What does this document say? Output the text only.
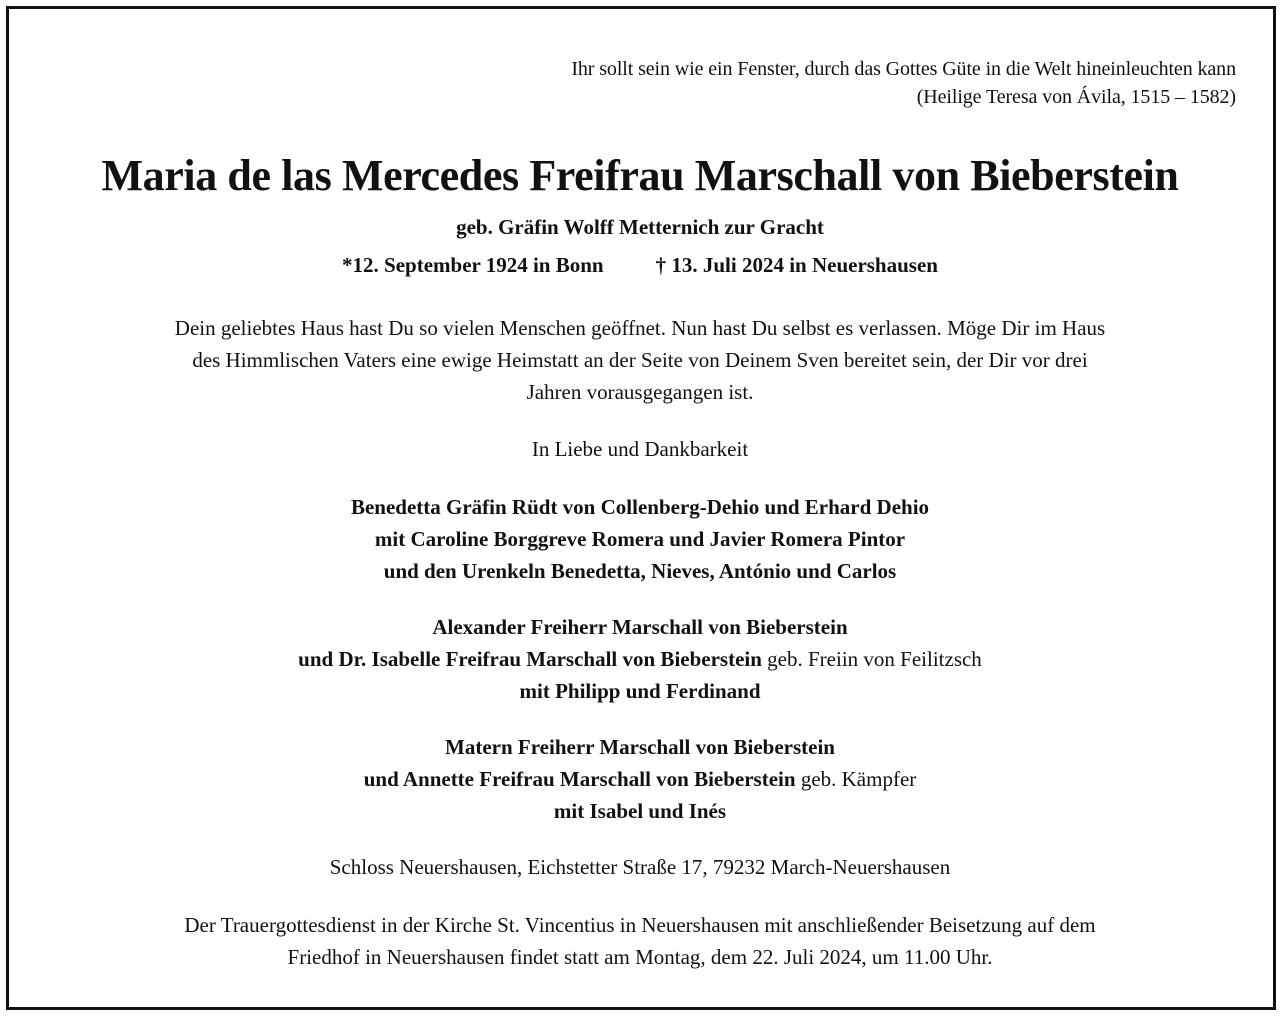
Ihr sollt sein wie ein Fenster, durch das Gottes Güte in die Welt hineinleuchten kann
(Heilige Teresa von Ávila, 1515 – 1582)
Maria de las Mercedes Freifrau Marschall von Bieberstein
geb. Gräfin Wolff Metternich zur Gracht
*12. September 1924 in Bonn † 13. Juli 2024 in Neuershausen
Dein geliebtes Haus hast Du so vielen Menschen geöffnet. Nun hast Du selbst es verlassen. Möge Dir im Haus
des Himmlischen Vaters eine ewige Heimstatt an der Seite von Deinem Sven bereitet sein, der Dir vor drei
Jahren vorausgegangen ist.
In Liebe und Dankbarkeit
Benedetta Gräfin Rüdt von Collenberg-Dehio und Erhard Dehio
mit Caroline Borggreve Romera und Javier Romera Pintor
und den Urenkeln Benedetta, Nieves, António und Carlos
Alexander Freiherr Marschall von Bieberstein
und Dr. Isabelle Freifrau Marschall von Bieberstein geb. Freiin von Feilitzsch
mit Philipp und Ferdinand
Matern Freiherr Marschall von Bieberstein
und Annette Freifrau Marschall von Bieberstein geb. Kämpfer
mit Isabel und Inés
Schloss Neuershausen, Eichstetter Straße 17, 79232 March-Neuershausen
Der Trauergottesdienst in der Kirche St. Vincentius in Neuershausen mit anschließender Beisetzung auf dem
Friedhof in Neuershausen findet statt am Montag, dem 22. Juli 2024, um 11.00 Uhr.
